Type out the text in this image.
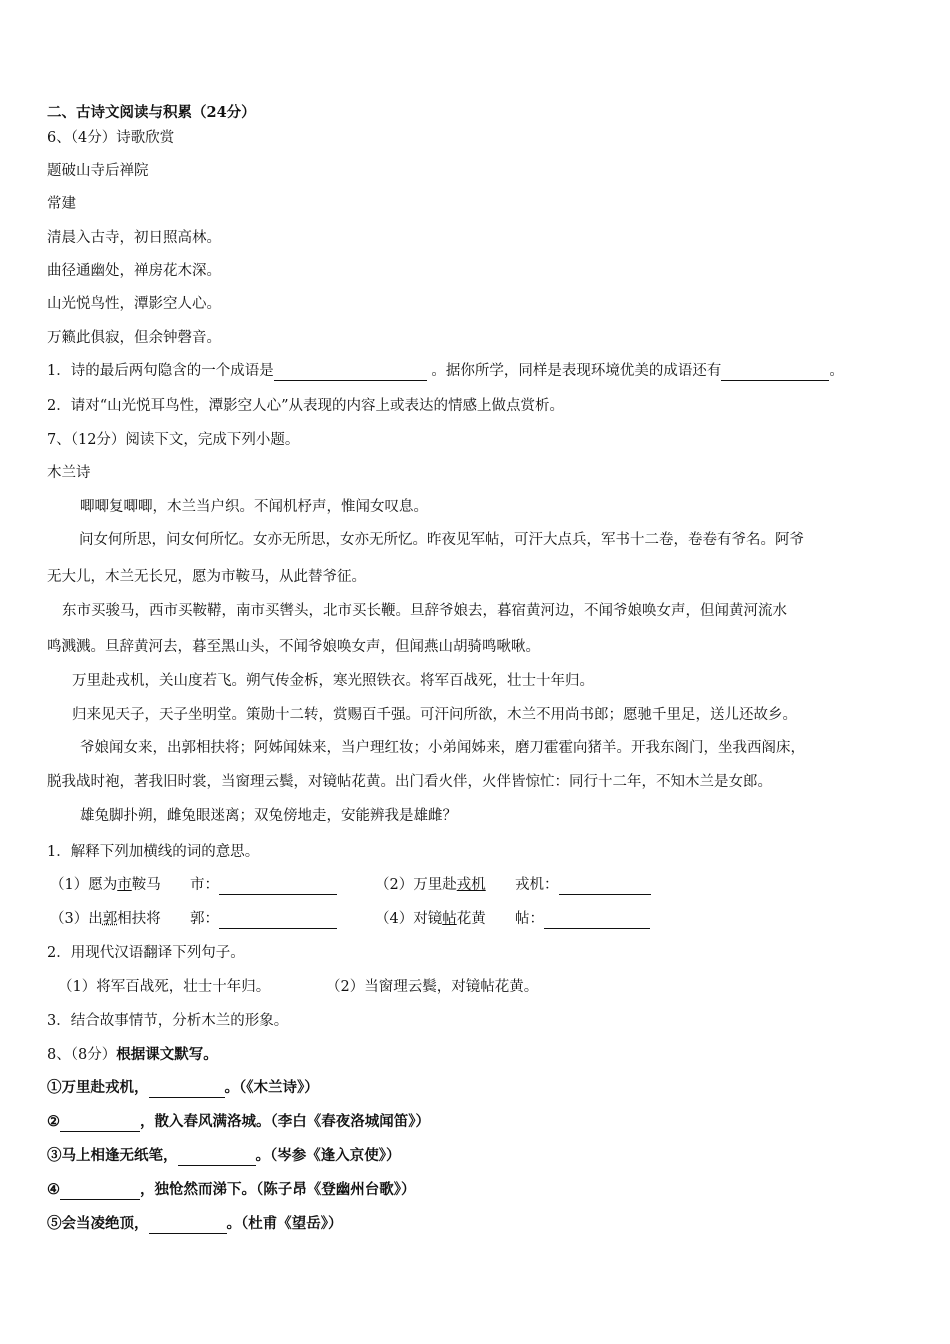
二、古诗文阅读与积累（24分）
6、（4分）诗歌欣赏
题破山寺后禅院
常建
清晨入古寺，初日照高林。
曲径通幽处，禅房花木深。
山光悦鸟性，潭影空人心。
万籁此俱寂，但余钟磬音。
1．诗的最后两句隐含的一个成语是	。据你所学，同样是表现环境优美的成语还有	。
2．请对“山光悦耳鸟性，潭影空人心”从表现的内容上或表达的情感上做点赏析。
7、（12分）阅读下文，完成下列小题。
木兰诗
唧唧复唧唧，木兰当户织。不闻机杼声，惟闻女叹息。
问女何所思，问女何所忆。女亦无所思，女亦无所忆。昨夜见军帖，可汗大点兵，军书十二卷，卷卷有爷名。阿爷
无大儿，木兰无长兄，愿为市鞍马，从此替爷征。
东市买骏马，西市买鞍鞯，南市买辔头，北市买长鞭。旦辞爷娘去，暮宿黄河边，不闻爷娘唤女声，但闻黄河流水
鸣溅溅。旦辞黄河去，暮至黑山头，不闻爷娘唤女声，但闻燕山胡骑鸣啾啾。
万里赴戎机，关山度若飞。朔气传金柝，寒光照铁衣。将军百战死，壮士十年归。
归来见天子，天子坐明堂。策勋十二转，赏赐百千强。可汗问所欲，木兰不用尚书郎；愿驰千里足，送儿还故乡。
爷娘闻女来，出郭相扶将；阿姊闻妹来，当户理红妆；小弟闻姊来，磨刀霍霍向猪羊。开我东阁门，坐我西阁床，
脱我战时袍，著我旧时裳，当窗理云鬓，对镜帖花黄。出门看火伴，火伴皆惊忙：同行十二年，不知木兰是女郎。
雄兔脚扑朔，雌兔眼迷离；双兔傍地走，安能辨我是雄雌？
1．解释下列加横线的词的意思。
（1）愿为市鞍马 市：	（2）万里赴戎机 戎机：
（3）出郭相扶将 郭：	（4）对镜帖花黄 帖：
2．用现代汉语翻译下列句子。
（1）将军百战死，壮士十年归。	（2）当窗理云鬓，对镜帖花黄。
3．结合故事情节，分析木兰的形象。
8、（8分）根据课文默写。
①万里赴戎机，	。（《木兰诗》）
②	，散入春风满洛城。（李白《春夜洛城闻笛》）
③马上相逢无纸笔，	。（岑参《逢入京使》）
④	，独怆然而涕下。（陈子昂《登幽州台歌》）
⑤会当凌绝顶，	。（杜甫《望岳》）
